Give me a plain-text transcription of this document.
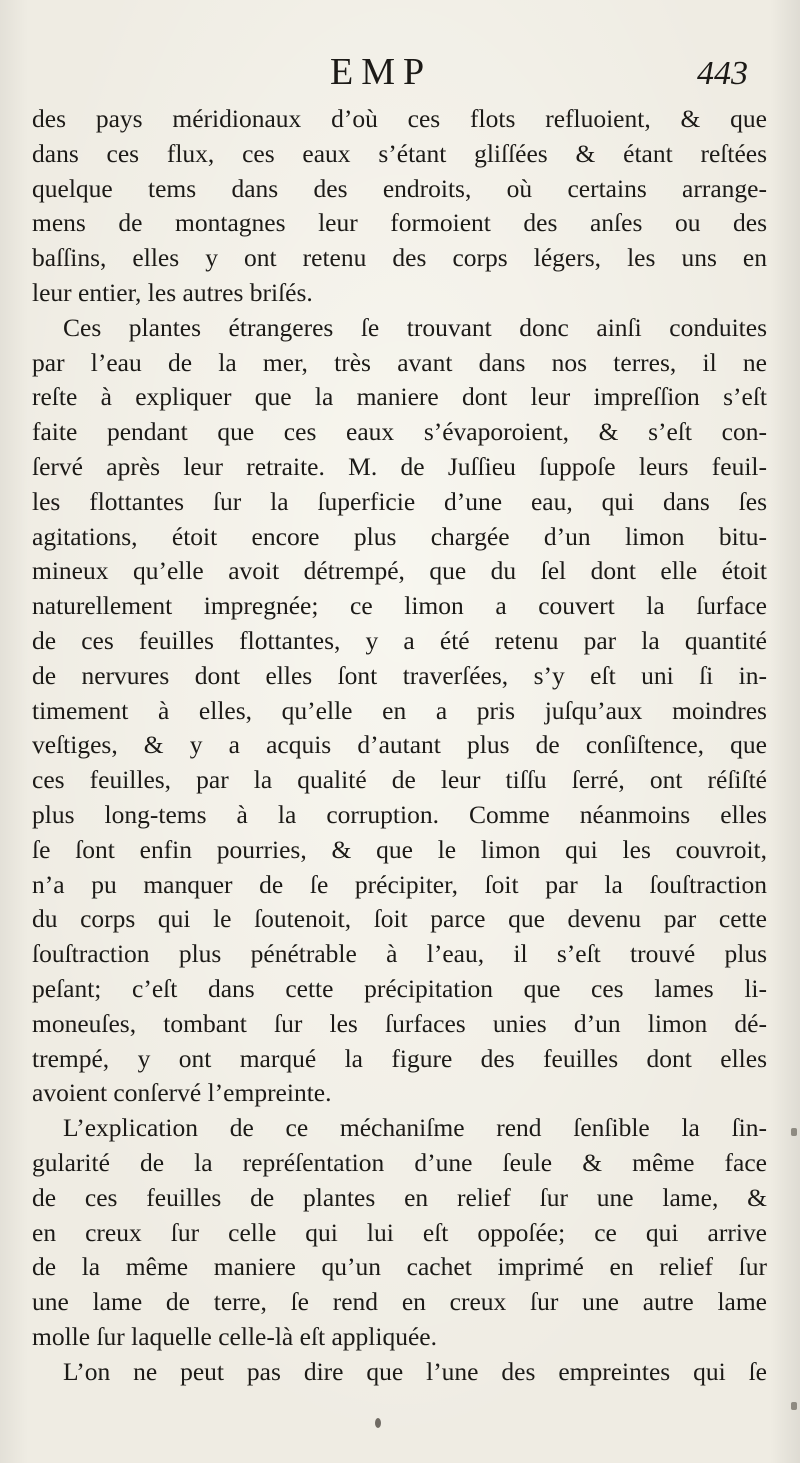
EMP	443
des pays méridionaux d’où ces flots refluoient, & que
dans ces flux, ces eaux s’étant gliſſées & étant reſtées
quelque tems dans des endroits, où certains arrange-
mens de montagnes leur formoient des anſes ou des
baſſins, elles y ont retenu des corps légers, les uns en
leur entier, les autres briſés.
Ces plantes étrangeres ſe trouvant donc ainſi conduites
par l’eau de la mer, très avant dans nos terres, il ne
reſte à expliquer que la maniere dont leur impreſſion s’eſt
faite pendant que ces eaux s’évaporoient, & s’eſt con-
ſervé après leur retraite. M. de Juſſieu ſuppoſe leurs feuil-
les flottantes ſur la ſuperficie d’une eau, qui dans ſes
agitations, étoit encore plus chargée d’un limon bitu-
mineux qu’elle avoit détrempé, que du ſel dont elle étoit
naturellement impregnée; ce limon a couvert la ſurface
de ces feuilles flottantes, y a été retenu par la quantité
de nervures dont elles ſont traverſées, s’y eſt uni ſi in-
timement à elles, qu’elle en a pris juſqu’aux moindres
veſtiges, & y a acquis d’autant plus de conſiſtence, que
ces feuilles, par la qualité de leur tiſſu ſerré, ont réſiſté
plus long-tems à la corruption. Comme néanmoins elles
ſe ſont enfin pourries, & que le limon qui les couvroit,
n’a pu manquer de ſe précipiter, ſoit par la ſouſtraction
du corps qui le ſoutenoit, ſoit parce que devenu par cette
ſouſtraction plus pénétrable à l’eau, il s’eſt trouvé plus
peſant; c’eſt dans cette précipitation que ces lames li-
moneuſes, tombant ſur les ſurfaces unies d’un limon dé-
trempé, y ont marqué la figure des feuilles dont elles
avoient conſervé l’empreinte.
L’explication de ce méchaniſme rend ſenſible la ſin-
gularité de la repréſentation d’une ſeule & même face
de ces feuilles de plantes en relief ſur une lame, &
en creux ſur celle qui lui eſt oppoſée; ce qui arrive
de la même maniere qu’un cachet imprimé en relief ſur
une lame de terre, ſe rend en creux ſur une autre lame
molle ſur laquelle celle-là eſt appliquée.
L’on ne peut pas dire que l’une des empreintes qui ſe
